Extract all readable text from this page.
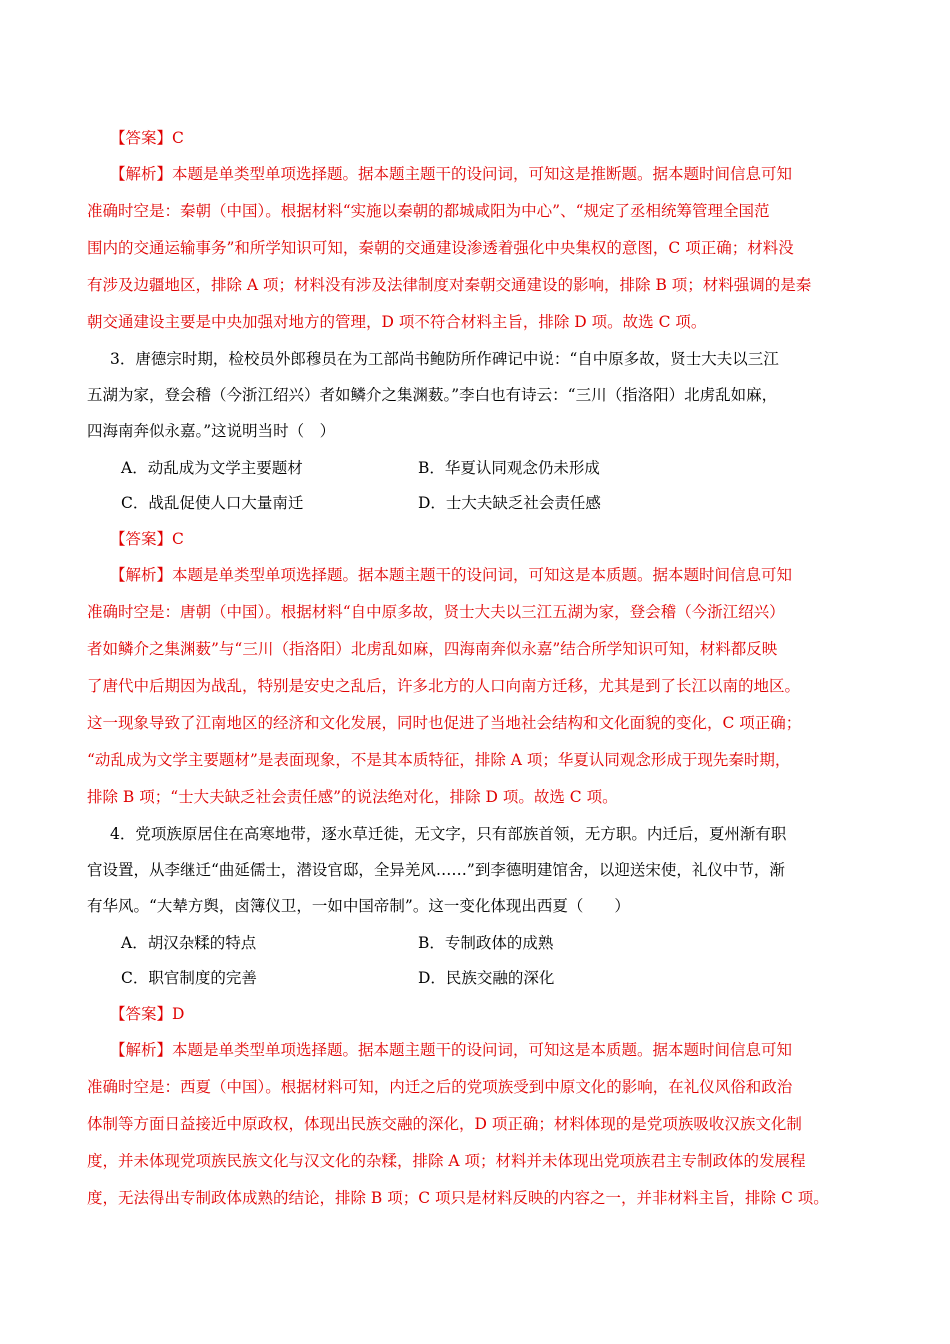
【答案】C
【解析】本题是单类型单项选择题。据本题主题干的设问词，可知这是推断题。据本题时间信息可知
准确时空是：秦朝（中国）。根据材料“实施以秦朝的都城咸阳为中心”、“规定了丞相统筹管理全国范
围内的交通运输事务”和所学知识可知，秦朝的交通建设渗透着强化中央集权的意图，C 项正确；材料没
有涉及边疆地区，排除 A 项；材料没有涉及法律制度对秦朝交通建设的影响，排除 B 项；材料强调的是秦
朝交通建设主要是中央加强对地方的管理，D 项不符合材料主旨，排除 D 项。故选 C 项。
3．唐德宗时期，检校员外郎穆员在为工部尚书鲍防所作碑记中说：“自中原多故，贤士大夫以三江
五湖为家，登会稽（今浙江绍兴）者如鳞介之集渊薮。”李白也有诗云：“三川（指洛阳）北虏乱如麻，
四海南奔似永嘉。”这说明当时（　）
A．动乱成为文学主要题材	B．华夏认同观念仍未形成
C．战乱促使人口大量南迁	D．士大夫缺乏社会责任感
【答案】C
【解析】本题是单类型单项选择题。据本题主题干的设问词，可知这是本质题。据本题时间信息可知
准确时空是：唐朝（中国）。根据材料“自中原多故，贤士大夫以三江五湖为家，登会稽（今浙江绍兴）
者如鳞介之集渊薮”与“三川（指洛阳）北虏乱如麻，四海南奔似永嘉”结合所学知识可知，材料都反映
了唐代中后期因为战乱，特别是安史之乱后，许多北方的人口向南方迁移，尤其是到了长江以南的地区。
这一现象导致了江南地区的经济和文化发展，同时也促进了当地社会结构和文化面貌的变化，C 项正确；
“动乱成为文学主要题材”是表面现象，不是其本质特征，排除 A 项；华夏认同观念形成于现先秦时期，
排除 B 项；“士大夫缺乏社会责任感”的说法绝对化，排除 D 项。故选 C 项。
4．党项族原居住在高寒地带，逐水草迁徙，无文字，只有部族首领，无方职。内迁后，夏州渐有职
官设置，从李继迁“曲延儒士，潜设官邸，全异羌风……”到李德明建馆舍，以迎送宋使，礼仪中节，渐
有华风。“大辇方舆，卤簿仪卫，一如中国帝制”。这一变化体现出西夏（　　）
A．胡汉杂糅的特点	B．专制政体的成熟
C．职官制度的完善	D．民族交融的深化
【答案】D
【解析】本题是单类型单项选择题。据本题主题干的设问词，可知这是本质题。据本题时间信息可知
准确时空是：西夏（中国）。根据材料可知，内迁之后的党项族受到中原文化的影响，在礼仪风俗和政治
体制等方面日益接近中原政权，体现出民族交融的深化，D 项正确；材料体现的是党项族吸收汉族文化制
度，并未体现党项族民族文化与汉文化的杂糅，排除 A 项；材料并未体现出党项族君主专制政体的发展程
度，无法得出专制政体成熟的结论，排除 B 项；C 项只是材料反映的内容之一，并非材料主旨，排除 C 项。
